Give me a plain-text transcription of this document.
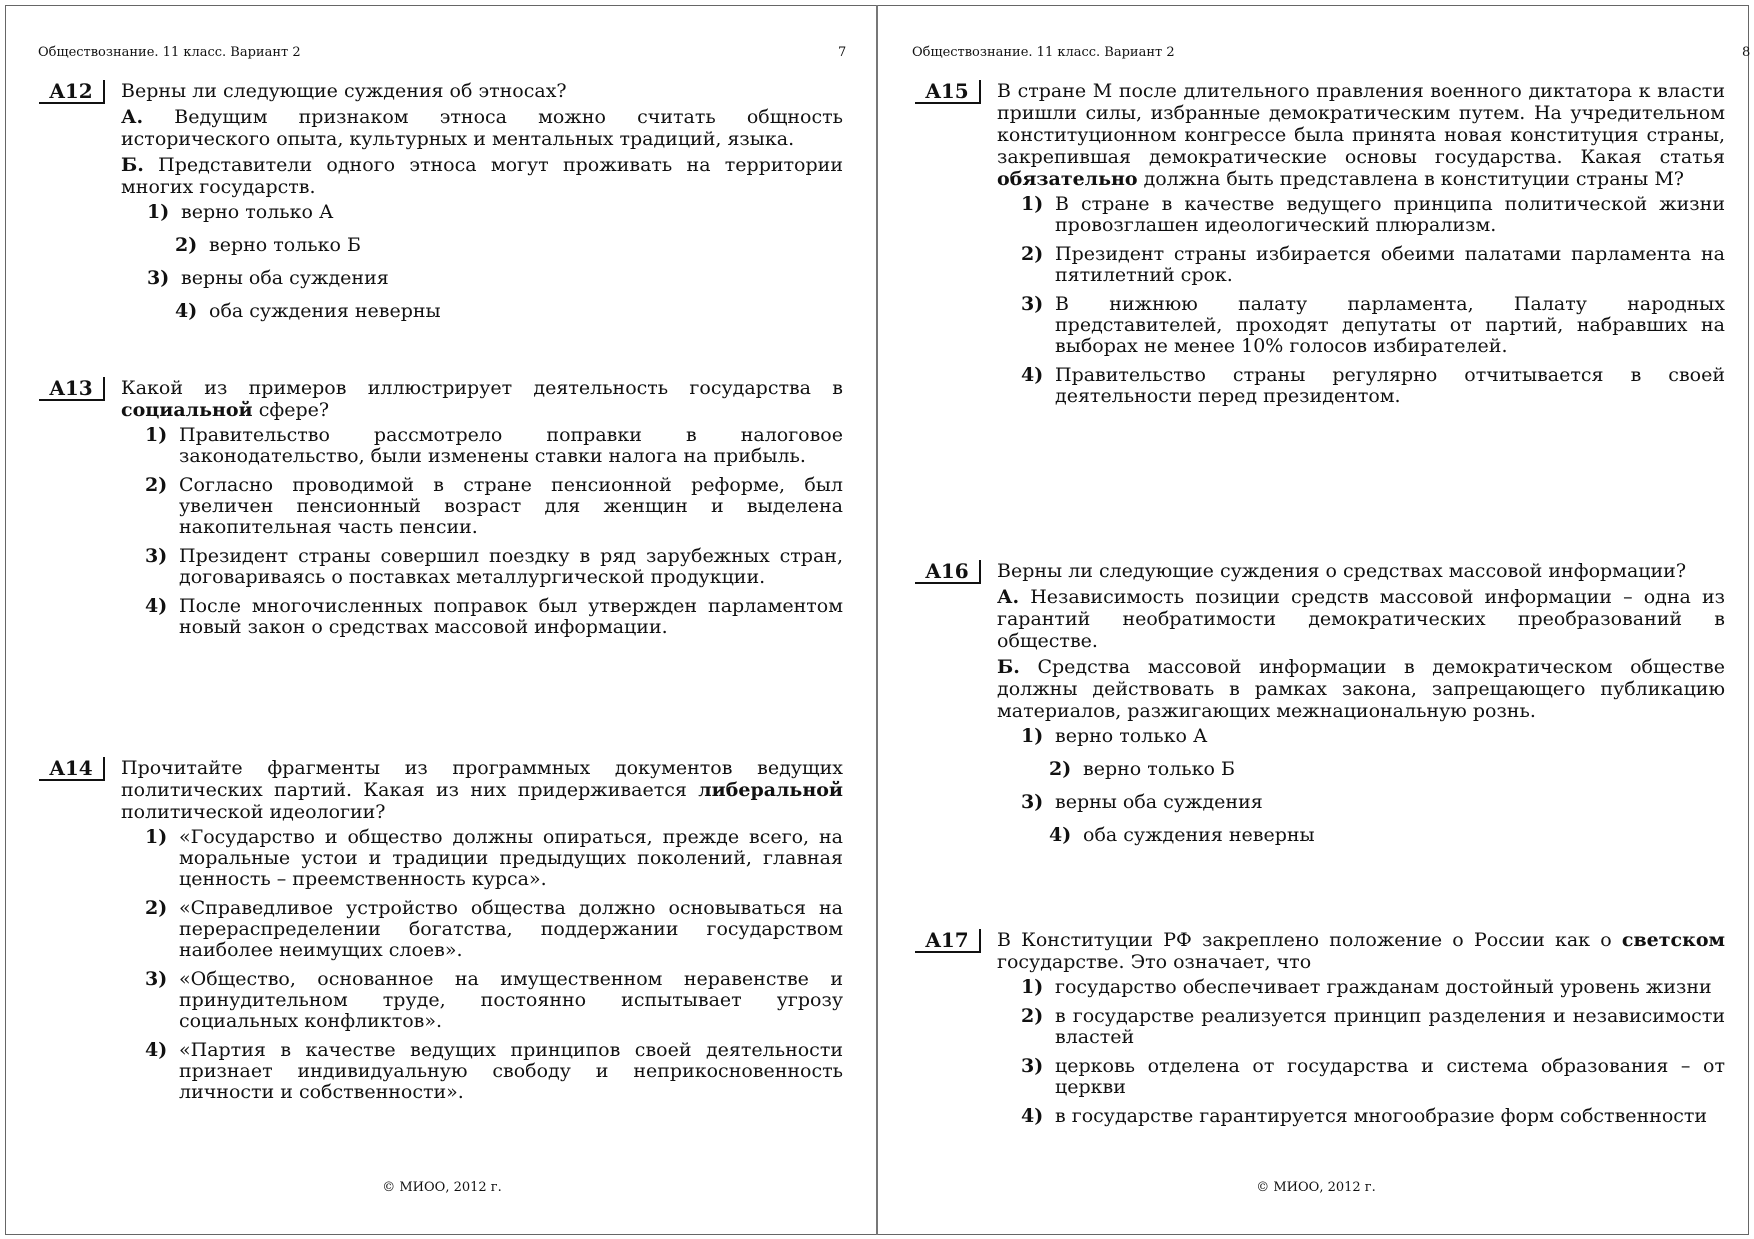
Обществознание. 11 класс. Вариант 2	7
A12	Верны ли следующие суждения об этносах?

А. Ведущим признаком этноса можно считать общность исторического опыта, культурных и ментальных традиций, языка.

Б. Представители одного этноса могут проживать на территории многих государств.

1) верно только А
2) верно только Б
3) верны оба суждения
4) оба суждения неверны
A13	Какой из примеров иллюстрирует деятельность государства в социальной сфере?

1) Правительство рассмотрело поправки в налоговое законодательство, были изменены ставки налога на прибыль.
2) Согласно проводимой в стране пенсионной реформе, был увеличен пенсионный возраст для женщин и выделена накопительная часть пенсии.
3) Президент страны совершил поездку в ряд зарубежных стран, договариваясь о поставках металлургической продукции.
4) После многочисленных поправок был утвержден парламентом новый закон о средствах массовой информации.
A14	Прочитайте фрагменты из программных документов ведущих политических партий. Какая из них придерживается либеральной политической идеологии?

1) «Государство и общество должны опираться, прежде всего, на моральные устои и традиции предыдущих поколений, главная ценность – преемственность курса».
2) «Справедливое устройство общества должно основываться на перераспределении богатства, поддержании государством наиболее неимущих слоев».
3) «Общество, основанное на имущественном неравенстве и принудительном труде, постоянно испытывает угрозу социальных конфликтов».
4) «Партия в качестве ведущих принципов своей деятельности признает индивидуальную свободу и неприкосновенность личности и собственности».
© МИОО, 2012 г.
Обществознание. 11 класс. Вариант 2	8
A15	В стране М после длительного правления военного диктатора к власти пришли силы, избранные демократическим путем. На учредительном конституционном конгрессе была принята новая конституция страны, закрепившая демократические основы государства. Какая статья обязательно должна быть представлена в конституции страны М?

1) В стране в качестве ведущего принципа политической жизни провозглашен идеологический плюрализм.
2) Президент страны избирается обеими палатами парламента на пятилетний срок.
3) В нижнюю палату парламента, Палату народных представителей, проходят депутаты от партий, набравших на выборах не менее 10% голосов избирателей.
4) Правительство страны регулярно отчитывается в своей деятельности перед президентом.
A16	Верны ли следующие суждения о средствах массовой информации?

А. Независимость позиции средств массовой информации – одна из гарантий необратимости демократических преобразований в обществе.

Б. Средства массовой информации в демократическом обществе должны действовать в рамках закона, запрещающего публикацию материалов, разжигающих межнациональную рознь.

1) верно только А
2) верно только Б
3) верны оба суждения
4) оба суждения неверны
A17	В Конституции РФ закреплено положение о России как о светском государстве. Это означает, что

1) государство обеспечивает гражданам достойный уровень жизни
2) в государстве реализуется принцип разделения и независимости властей
3) церковь отделена от государства и система образования – от церкви
4) в государстве гарантируется многообразие форм собственности
© МИОО, 2012 г.
